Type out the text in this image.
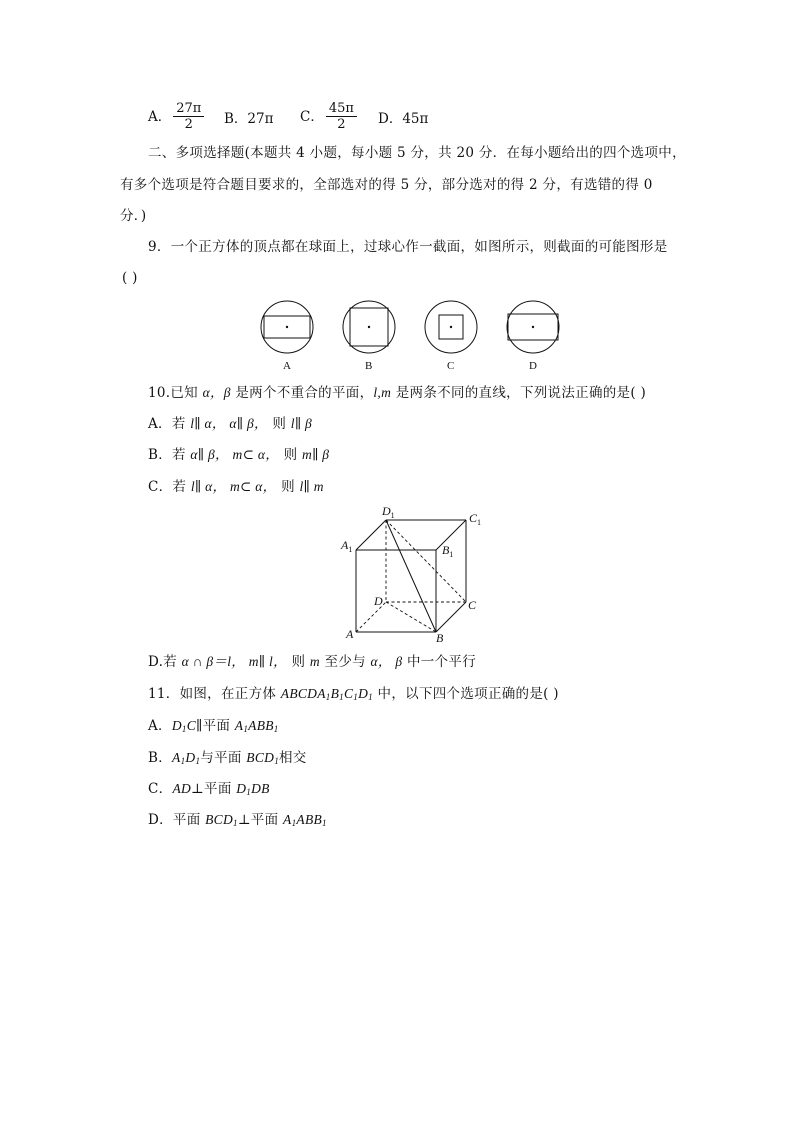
A． $\frac{27\pi}{2}$ B．27π C． $\frac{45\pi}{2}$ D．45π
二、多项选择题(本题共 4 小题，每小题 5 分，共 20 分．在每小题给出的四个选项中，
有多个选项是符合题目要求的，全部选对的得 5 分，部分选对的得 2 分，有选错的得 0
分．)
9．一个正方体的顶点都在球面上，过球心作一截面，如图所示，则截面的可能图形是
( )
A	B	C	D
10.已知 α，β 是两个不重合的平面，l,m 是两条不同的直线，下列说法正确的是( )
A．若 l∥ α， α∥ β， 则 l∥ β
B．若 α∥ β， m⊂ α， 则 m∥ β
C．若 l∥ α， m⊂ α， 则 l∥ m
$D_1$	$C_1$
$A_1$	$B_1$
D	C
A	B
D.若 α ∩ β＝l， m∥ l， 则 m 至少与 α， β 中一个平行
11．如图，在正方体 $ABCDA_1B_1C_1D_1$ 中，以下四个选项正确的是( )
A．$D_1C\parallel$平面 $A_1ABB_1$
B．$A_1D_1$与平面 $BCD_1$相交
C．AD⊥平面 $D_1DB$
D．平面 $BCD_1\perp$平面 $A_1ABB_1$
